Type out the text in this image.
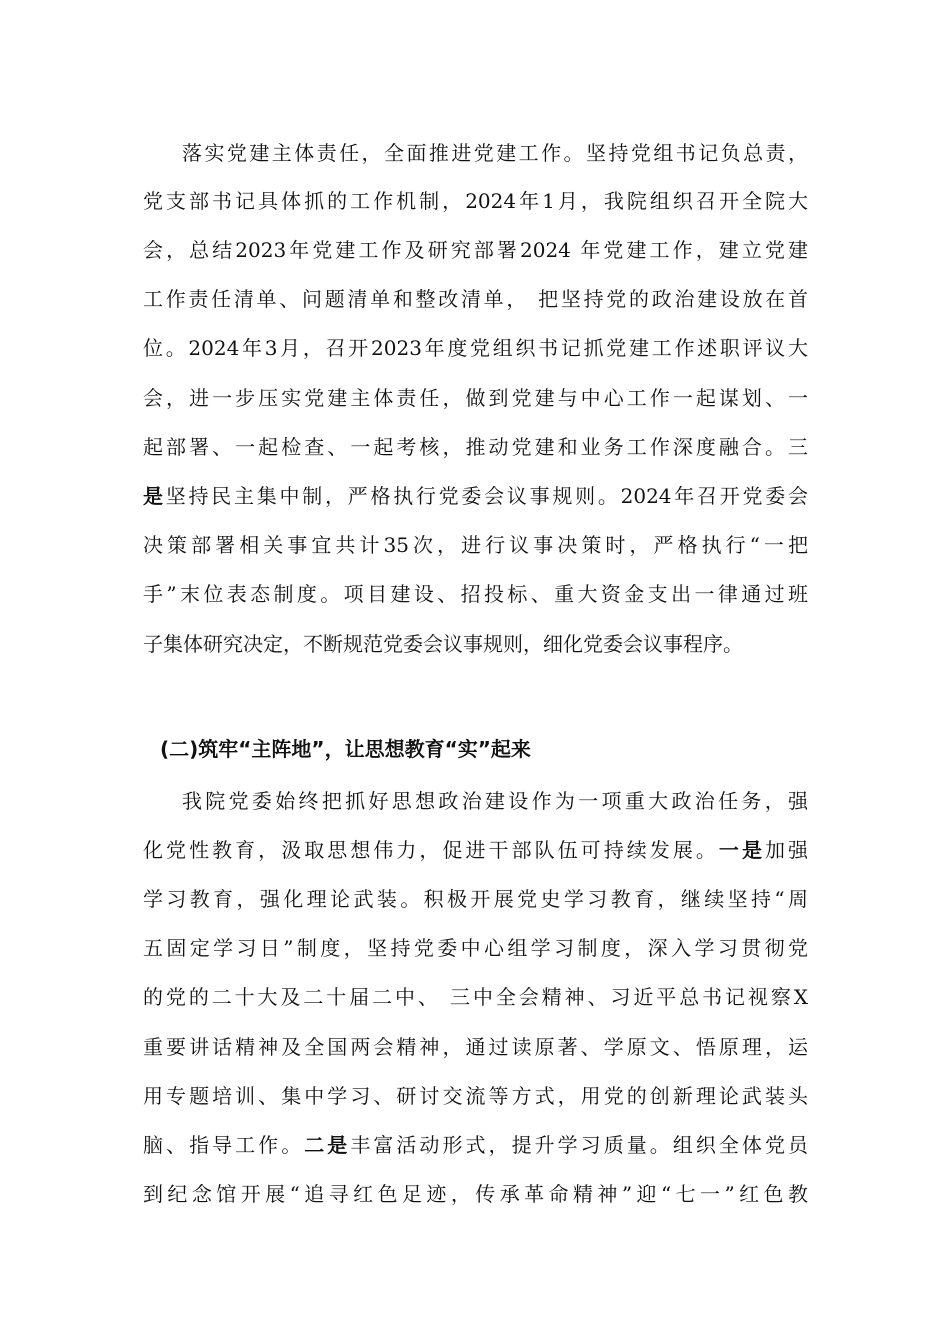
落实党建主体责任，全面推进党建工作。坚持党组书记负总责，
党支部书记具体抓的工作机制，2024年1月，我院组织召开全院大
会，总结2023年党建工作及研究部署2024 年党建工作，建立党建
工作责任清单、问题清单和整改清单， 把坚持党的政治建设放在首
位。2024年3月，召开2023年度党组织书记抓党建工作述职评议大
会，进一步压实党建主体责任，做到党建与中心工作一起谋划、一
起部署、一起检查、一起考核，推动党建和业务工作深度融合。三
是坚持民主集中制，严格执行党委会议事规则。2024年召开党委会
决策部署相关事宜共计35次，进行议事决策时，严格执行“一把
手”末位表态制度。项目建设、招投标、重大资金支出一律通过班
子集体研究决定，不断规范党委会议事规则，细化党委会议事程序。
(二)筑牢“主阵地”，让思想教育“实”起来
我院党委始终把抓好思想政治建设作为一项重大政治任务，强
化党性教育，汲取思想伟力，促进干部队伍可持续发展。一是加强
学习教育，强化理论武装。积极开展党史学习教育，继续坚持“周
五固定学习日”制度，坚持党委中心组学习制度，深入学习贯彻党
的党的二十大及二十届二中、 三中全会精神、习近平总书记视察X
重要讲话精神及全国两会精神，通过读原著、学原文、悟原理，运
用专题培训、集中学习、研讨交流等方式，用党的创新理论武装头
脑、指导工作。二是丰富活动形式，提升学习质量。组织全体党员
到纪念馆开展“追寻红色足迹，传承革命精神”迎“七一”红色教
